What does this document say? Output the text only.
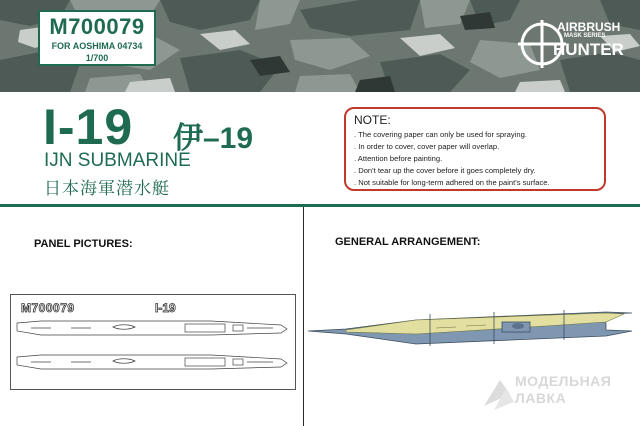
M700079
FOR AOSHIMA 04734
1/700
AIRBRUSH
MASK SERIES
HUNTER
I-19 伊–19
IJN SUBMARINE
日本海軍潜水艇
NOTE:
. The covering paper can only be used for spraying.
. In order to cover, cover paper will overlap.
. Attention before painting.
. Don't tear up the cover before it goes completely dry.
. Not suitable for long-term adhered on the paint's surface.
PANEL PICTURES:	GENERAL ARRANGEMENT:
M700079	I-19
МОДЕЛЬНАЯ
ЛАВКА
